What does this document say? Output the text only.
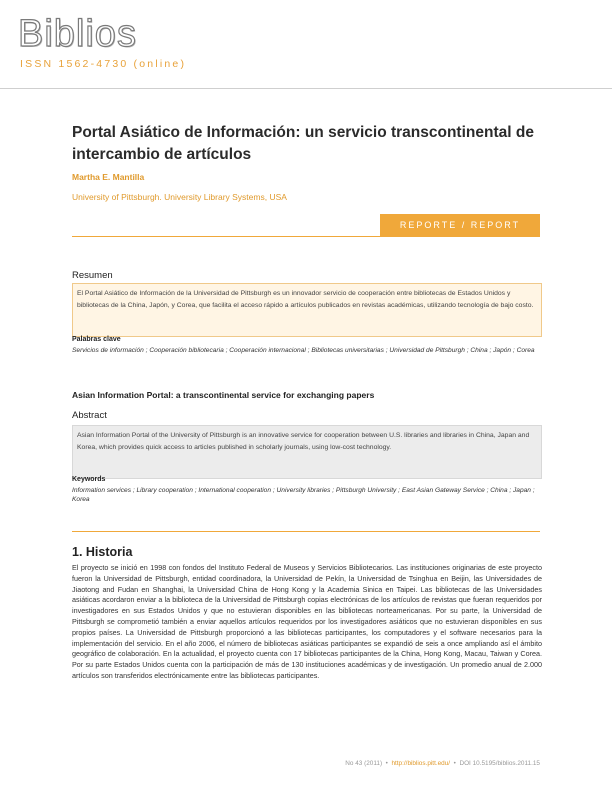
Biblios
ISSN 1562-4730 (online)
Portal Asiático de Información: un servicio transcontinental de intercambio de artículos
Martha E. Mantilla
University of Pittsburgh. University Library Systems, USA
REPORTE / REPORT
Resumen
El Portal Asiático de Información de la Universidad de Pittsburgh es un innovador servicio de cooperación entre bibliotecas de Estados Unidos y bibliotecas de la China, Japón, y Corea, que facilita el acceso rápido a artículos publicados en revistas académicas, utilizando tecnología de bajo costo.
Palabras clave
Servicios de información ; Cooperación bibliotecaria ; Cooperación internacional ; Bibliotecas universitarias ; Universidad de Pittsburgh ; China ; Japón ; Corea
Asian Information Portal: a transcontinental service for exchanging papers
Abstract
Asian Information Portal of the University of Pittsburgh is an innovative service for cooperation between U.S. libraries and libraries in China, Japan and Korea, which provides quick access to articles published in scholarly journals, using low-cost technology.
Keywords
Information services ; Library cooperation ; International cooperation ; University libraries ; Pittsburgh University ; East Asian Gateway Service ; China ; Japan ; Korea
1. Historia

El proyecto se inició en 1998 con fondos del Instituto Federal de Museos y Servicios Bibliotecarios. Las instituciones originarias de este proyecto fueron la Universidad de Pittsburgh, entidad coordinadora, la Universidad de Pekín, la Universidad de Tsinghua en Beijin, las Universidades de Jiaotong and Fudan en Shanghai, la Universidad China de Hong Kong y la Academia Sinica en Taipei. Las bibliotecas de las Universidades asiáticas acordaron enviar a la biblioteca de la Universidad de Pittsburgh copias electrónicas de los artículos de revistas que fueran requeridos por investigadores en sus Estados Unidos y que no estuvieran disponibles en las bibliotecas norteamericanas. Por su parte, la Universidad de Pittsburgh se comprometió también a enviar aquellos artículos requeridos por los investigadores asiáticos que no estuvieran disponibles en sus propios países. La Universidad de Pittsburgh proporcionó a las bibliotecas participantes, los computadores y el software necesarios para la implementación del servicio. En el año 2006, el número de bibliotecas asiáticas participantes se expandió de seis a once ampliando así el ámbito geográfico de colaboración. En la actualidad, el proyecto cuenta con 17 bibliotecas participantes de la China, Hong Kong, Macau, Taiwan y Corea. Por su parte Estados Unidos cuenta con la participación de más de 130 instituciones académicas y de investigación. Un promedio anual de 2.000 artículos son transferidos electrónicamente entre las bibliotecas participantes.

No 43 (2011) • http://biblios.pitt.edu/ • DOI 10.5195/biblios.2011.15
